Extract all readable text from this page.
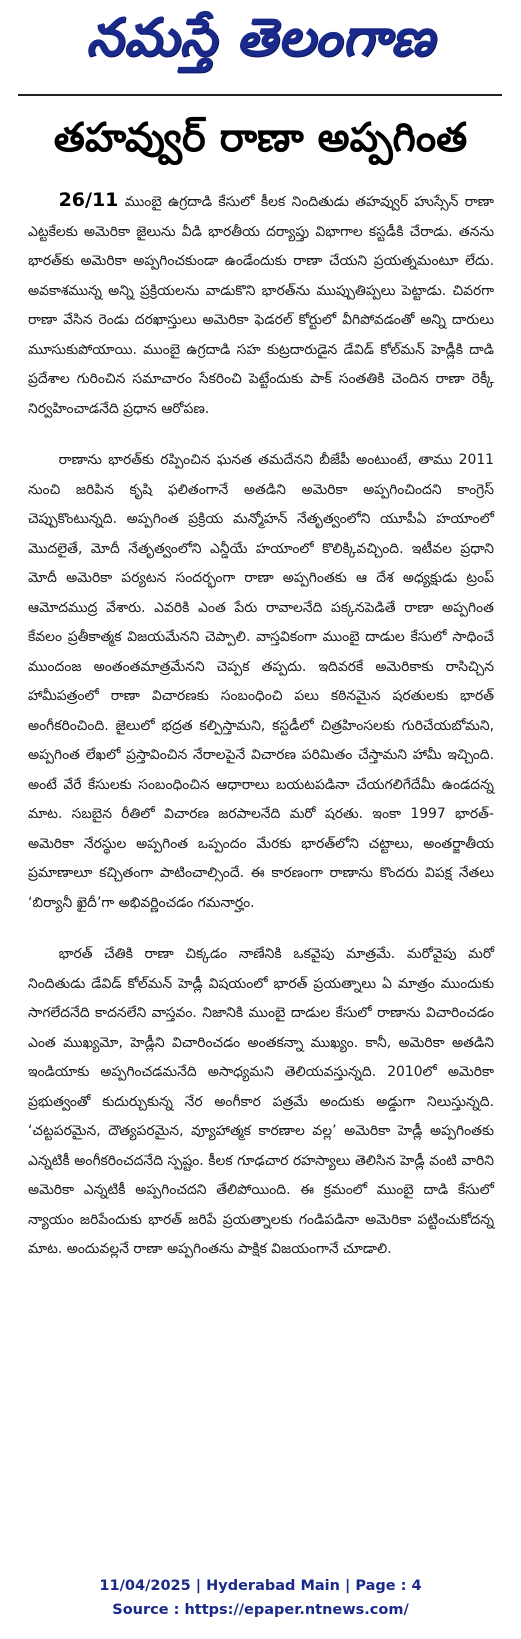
నమస్తే తెలంగాణ
తహవ్వుర్ రాణా అప్పగింత

26/11 ముంబై ఉగ్రదాడి కేసులో కీలక నిందితుడు తహవ్వుర్ హుస్సేన్ రాణా ఎట్టకేలకు అమెరికా జైలును వీడి భారతీయ దర్యాప్తు విభాగాల కస్టడీకి చేరాడు. తనను భారత్‌కు అమెరికా అప్పగించకుండా ఉండేందుకు రాణా చేయని ప్రయత్నమంటూ లేదు. అవకాశమున్న అన్ని ప్రక్రియలను వాడుకొని భారత్‌ను ముప్పుతిప్పలు పెట్టాడు. చివరగా రాణా వేసిన రెండు దరఖాస్తులు అమెరికా ఫెడరల్ కోర్టులో వీగిపోవడంతో అన్ని దారులు మూసుకుపోయాయి. ముంబై ఉగ్రదాడి సహ కుట్రదారుడైన డేవిడ్ కోల్‌మన్ హెడ్లీకి దాడి ప్రదేశాల గురించిన సమాచారం సేకరించి పెట్టేందుకు పాక్ సంతతికి చెందిన రాణా రెక్కీ నిర్వహించాడనేది ప్రధాన ఆరోపణ.

రాణాను భారత్‌కు రప్పించిన ఘనత తమదేనని బీజేపీ అంటుంటే, తాము 2011 నుంచి జరిపిన కృషి ఫలితంగానే అతడిని అమెరికా అప్పగించిందని కాంగ్రెస్ చెప్పుకొంటున్నది. అప్పగింత ప్రక్రియ మన్మోహన్ నేతృత్వంలోని యూపీఏ హయాంలో మొదలైతే, మోదీ నేతృత్వంలోని ఎన్డీయే హయాంలో కొలిక్కివచ్చింది. ఇటీవల ప్రధాని మోదీ అమెరికా పర్యటన సందర్భంగా రాణా అప్పగింతకు ఆ దేశ అధ్యక్షుడు ట్రంప్ ఆమోదముద్ర వేశారు. ఎవరికి ఎంత పేరు రావాలనేది పక్కనపెడితే రాణా అప్పగింత కేవలం ప్రతీకాత్మక విజయమేనని చెప్పాలి. వాస్తవికంగా ముంబై దాడుల కేసులో సాధించే ముందంజ అంతంతమాత్రమేనని చెప్పక తప్పదు. ఇదివరకే అమెరికాకు రాసిచ్చిన హామీపత్రంలో రాణా విచారణకు సంబంధించి పలు కఠినమైన షరతులకు భారత్ అంగీకరించింది. జైలులో భద్రత కల్పిస్తామని, కస్టడీలో చిత్రహింసలకు గురిచేయబోమని, అప్పగింత లేఖలో ప్రస్తావించిన నేరాలపైనే విచారణ పరిమితం చేస్తామని హామీ ఇచ్చింది. అంటే వేరే కేసులకు సంబంధించిన ఆధారాలు బయటపడినా చేయగలిగేదేమీ ఉండదన్న మాట. సబబైన రీతిలో విచారణ జరపాలనేది మరో షరతు. ఇంకా 1997 భారత్-అమెరికా నేరస్థుల అప్పగింత ఒప్పందం మేరకు భారత్‌లోని చట్టాలు, అంతర్జాతీయ ప్రమాణాలూ కచ్చితంగా పాటించాల్సిందే. ఈ కారణంగా రాణాను కొందరు విపక్ష నేతలు ‘బిర్యానీ ఖైదీ’గా అభివర్ణించడం గమనార్హం.

భారత్ చేతికి రాణా చిక్కడం నాణేనికి ఒకవైపు మాత్రమే. మరోవైపు మరో నిందితుడు డేవిడ్ కోల్‌మన్ హెడ్లీ విషయంలో భారత్ ప్రయత్నాలు ఏ మాత్రం ముందుకు సాగలేదనేది కాదనలేని వాస్తవం. నిజానికి ముంబై దాడుల కేసులో రాణాను విచారించడం ఎంత ముఖ్యమో, హెడ్లీని విచారించడం అంతకన్నా ముఖ్యం. కానీ, అమెరికా అతడిని ఇండియాకు అప్పగించడమనేది అసాధ్యమని తెలియవస్తున్నది. 2010లో అమెరికా ప్రభుత్వంతో కుదుర్చుకున్న నేర అంగీకార పత్రమే అందుకు అడ్డుగా నిలుస్తున్నది. ‘చట్టపరమైన, దౌత్యపరమైన, వ్యూహాత్మక కారణాల వల్ల’ అమెరికా హెడ్లీ అప్పగింతకు ఎన్నటికీ అంగీకరించదనేది స్పష్టం. కీలక గూఢచార రహస్యాలు తెలిసిన హెడ్లీ వంటి వారిని అమెరికా ఎన్నటికీ అప్పగించదని తేలిపోయింది. ఈ క్రమంలో ముంబై దాడి కేసులో న్యాయం జరిపేందుకు భారత్ జరిపే ప్రయత్నాలకు గండిపడినా అమెరికా పట్టించుకోదన్న మాట. అందువల్లనే రాణా అప్పగింతను పాక్షిక విజయంగానే చూడాలి.

11/04/2025 | Hyderabad Main | Page : 4
Source : https://epaper.ntnews.com/
